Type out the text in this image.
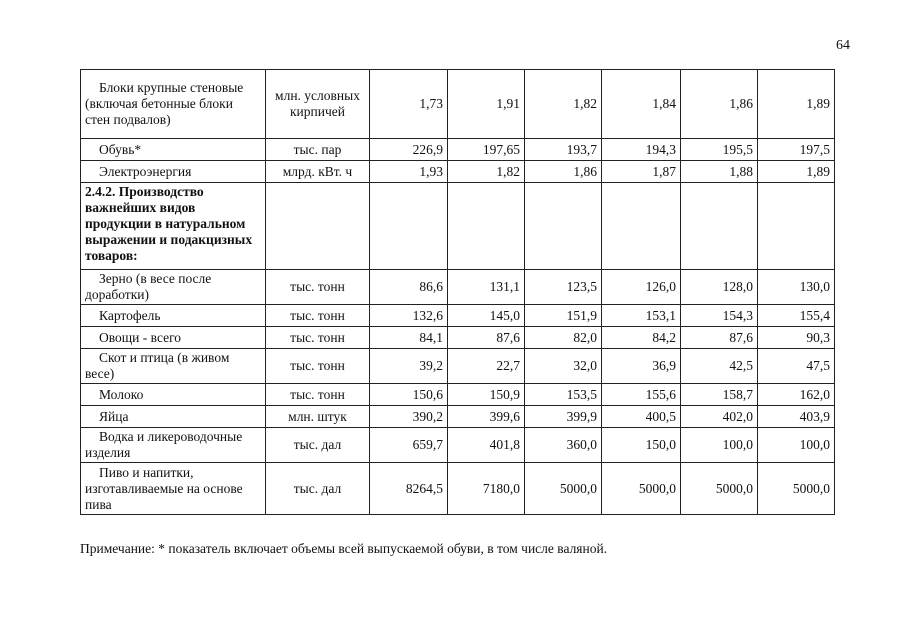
64
Блоки крупные стеновые (включая бетонные блоки стен подвалов)	млн. условных кирпичей	1,73	1,91	1,82	1,84	1,86	1,89
Обувь*	тыс. пар	226,9	197,65	193,7	194,3	195,5	197,5
Электроэнергия	млрд. кВт. ч	1,93	1,82	1,86	1,87	1,88	1,89
2.4.2. Производство важнейших видов продукции в натуральном выражении и подакцизных товаров:							
Зерно (в весе после доработки)	тыс. тонн	86,6	131,1	123,5	126,0	128,0	130,0
Картофель	тыс. тонн	132,6	145,0	151,9	153,1	154,3	155,4
Овощи - всего	тыс. тонн	84,1	87,6	82,0	84,2	87,6	90,3
Скот и птица (в живом весе)	тыс. тонн	39,2	22,7	32,0	36,9	42,5	47,5
Молоко	тыс. тонн	150,6	150,9	153,5	155,6	158,7	162,0
Яйца	млн. штук	390,2	399,6	399,9	400,5	402,0	403,9
Водка и ликероводочные изделия	тыс. дал	659,7	401,8	360,0	150,0	100,0	100,0
Пиво и напитки, изготавливаемые на основе пива	тыс. дал	8264,5	7180,0	5000,0	5000,0	5000,0	5000,0
Примечание: * показатель включает объемы всей выпускаемой обуви, в том числе валяной.
